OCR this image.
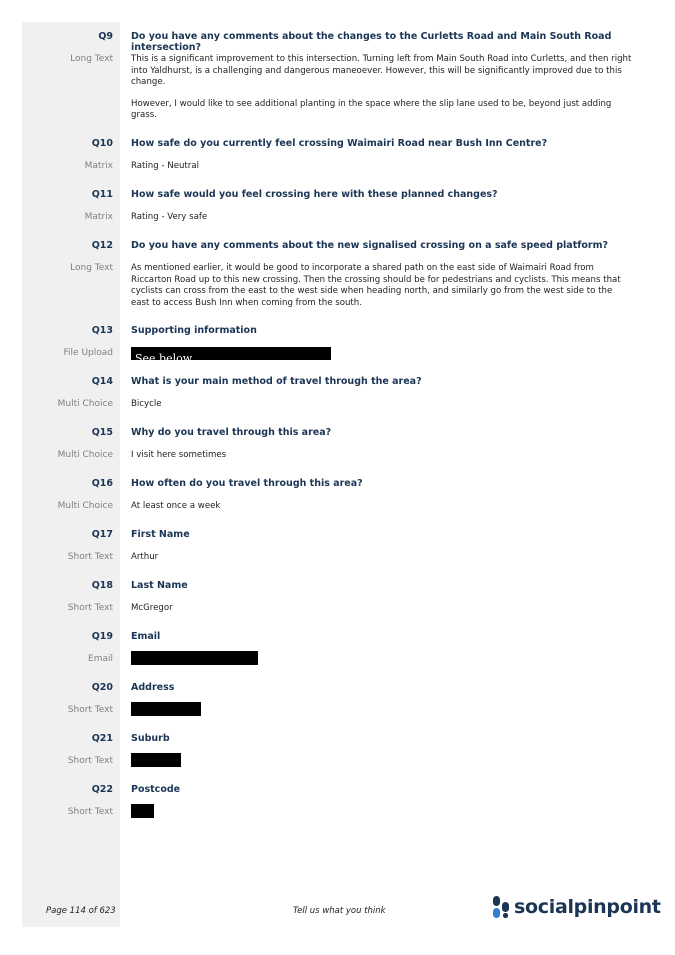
Q9 Do you have any comments about the changes to the Curletts Road and Main South Road intersection?
Long Text This is a significant improvement to this intersection. Turning left from Main South Road into Curletts, and then right into Yaldhurst, is a challenging and dangerous maneoever. However, this will be significantly improved due to this change.

However, I would like to see additional planting in the space where the slip lane used to be, beyond just adding grass.

Q10 How safe do you currently feel crossing Waimairi Road near Bush Inn Centre?
Matrix Rating - Neutral
Q11 How safe would you feel crossing here with these planned changes?
Matrix Rating - Very safe
Q12 Do you have any comments about the new signalised crossing on a safe speed platform?
Long Text As mentioned earlier, it would be good to incorporate a shared path on the east side of Waimairi Road from Riccarton Road up to this new crossing. Then the crossing should be for pedestrians and cyclists. This means that cyclists can cross from the east to the west side when heading north, and similarly go from the west side to the east to access Bush Inn when coming from the south.

Q13 Supporting information
File Upload	See below
Q14 What is your main method of travel through the area?
Multi Choice Bicycle
Q15 Why do you travel through this area?
Multi Choice I visit here sometimes
Q16 How often do you travel through this area?
Multi Choice At least once a week
Q17 First Name
Short Text Arthur
Q18 Last Name
Short Text McGregor
Q19 Email
Email
Q20 Address
Short Text
Q21 Suburb
Short Text
Q22 Postcode
Short Text
Page 114 of 623	Tell us what you think	socialpinpoint
